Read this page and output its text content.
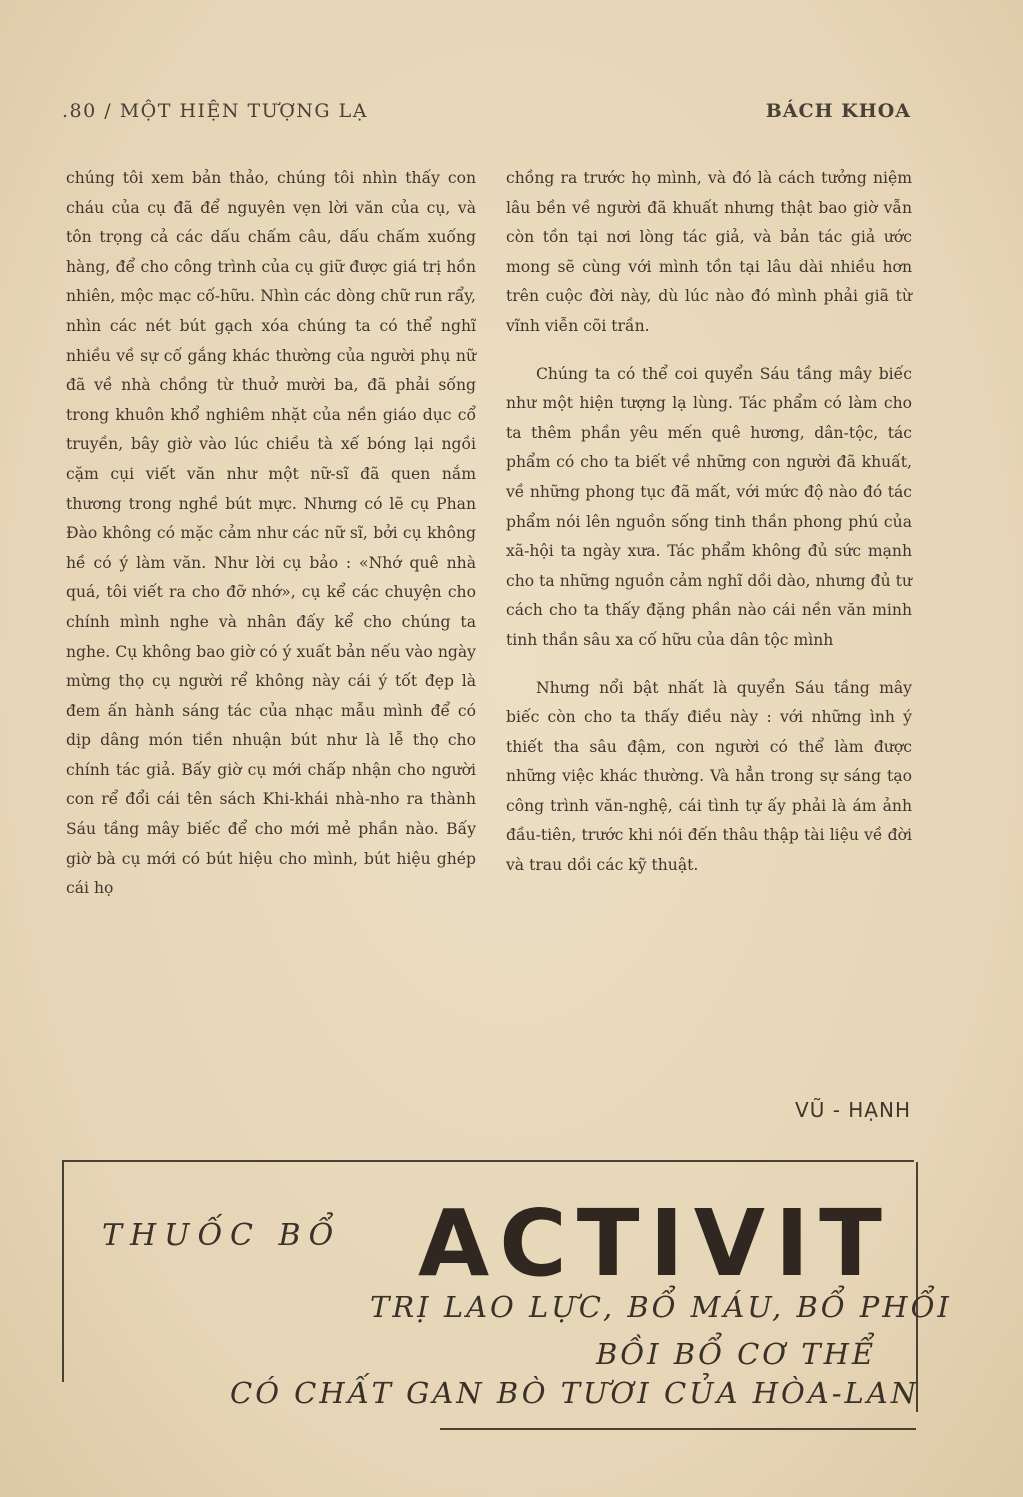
.80 / MỘT HIỆN TƯỢNG LẠ	BÁCH KHOA

chúng tôi xem bản thảo, chúng tôi nhìn thấy con cháu của cụ đã để nguyên vẹn lời văn của cụ, và tôn trọng cả các dấu chấm câu, dấu chấm xuống hàng, để cho công trình của cụ giữ được giá trị hồn nhiên, mộc mạc cố-hữu. Nhìn các dòng chữ run rẩy, nhìn các nét bút gạch xóa chúng ta có thể nghĩ nhiều về sự cố gắng khác thường của người phụ nữ đã về nhà chồng từ thuở mười ba, đã phải sống trong khuôn khổ nghiêm nhặt của nền giáo dục cổ truyền, bây giờ vào lúc chiều tà xế bóng lại ngồi cặm cụi viết văn như một nữ-sĩ đã quen nắm thương trong nghề bút mực. Nhưng có lẽ cụ Phan Đào không có mặc cảm như các nữ sĩ, bởi cụ không hề có ý làm văn. Như lời cụ bảo : «Nhớ quê nhà quá, tôi viết ra cho đỡ nhớ», cụ kể các chuyện cho chính mình nghe và nhân đấy kể cho chúng ta nghe. Cụ không bao giờ có ý xuất bản nếu vào ngày mừng thọ cụ người rể không này cái ý tốt đẹp là đem ấn hành sáng tác của nhạc mẫu mình để có dịp dâng món tiền nhuận bút như là lễ thọ cho chính tác giả. Bấy giờ cụ mới chấp nhận cho người con rể đổi cái tên sách Khi-khái nhà-nho ra thành Sáu tầng mây biếc để cho mới mẻ phần nào. Bấy giờ bà cụ mới có bút hiệu cho mình, bút hiệu ghép cái họ

chồng ra trước họ mình, và đó là cách tưởng niệm lâu bền về người đã khuất nhưng thật bao giờ vẫn còn tồn tại nơi lòng tác giả, và bản tác giả ước mong sẽ cùng với mình tồn tại lâu dài nhiều hơn trên cuộc đời này, dù lúc nào đó mình phải giã từ vĩnh viễn cõi trần.

Chúng ta có thể coi quyển Sáu tầng mây biếc như một hiện tượng lạ lùng. Tác phẩm có làm cho ta thêm phần yêu mến quê hương, dân-tộc, tác phẩm có cho ta biết về những con người đã khuất, về những phong tục đã mất, với mức độ nào đó tác phẩm nói lên nguồn sống tinh thần phong phú của xã-hội ta ngày xưa. Tác phẩm không đủ sức mạnh cho ta những nguồn cảm nghĩ dồi dào, nhưng đủ tư cách cho ta thấy đặng phần nào cái nền văn minh tinh thần sâu xa cố hữu của dân tộc mình

Nhưng nổi bật nhất là quyển Sáu tầng mây biếc còn cho ta thấy điều này : với những ình ý thiết tha sâu đậm, con người có thể làm được những việc khác thường. Và hẳn trong sự sáng tạo công trình văn-nghệ, cái tình tự ấy phải là ám ảnh đầu-tiên, trước khi nói đến thâu thập tài liệu về đời và trau dồi các kỹ thuật.

VŨ - HẠNH
THUỐC BỔ ACTIVIT
TRỊ LAO LỰC, BỔ MÁU, BỔ PHỔI
BỒI BỔ CƠ THỂ
CÓ CHẤT GAN BÒ TƯƠI CỦA HÒA-LAN
